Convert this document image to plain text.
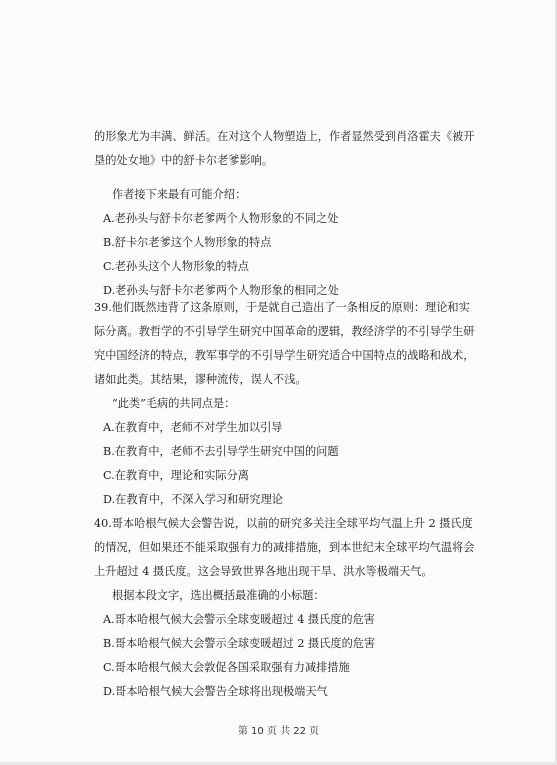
的形象尤为丰满、鲜活。在对这个人物塑造上，作者显然受到肖洛霍夫《被开
垦的处女地》中的舒卡尔老爹影响。
作者接下来最有可能介绍：
A.老孙头与舒卡尔老爹两个人物形象的不同之处
B.舒卡尔老爹这个人物形象的特点
C.老孙头这个人物形象的特点
D.老孙头与舒卡尔老爹两个人物形象的相同之处
39.他们既然违背了这条原则，于是就自己造出了一条相反的原则：理论和实
际分离。教哲学的不引导学生研究中国革命的逻辑，教经济学的不引导学生研
究中国经济的特点，教军事学的不引导学生研究适合中国特点的战略和战术，
诸如此类。其结果，谬种流传，误人不浅。
“此类”毛病的共同点是：
A.在教育中，老师不对学生加以引导
B.在教育中，老师不去引导学生研究中国的问题
C.在教育中，理论和实际分离
D.在教育中，不深入学习和研究理论
40.哥本哈根气候大会警告说，以前的研究多关注全球平均气温上升 2 摄氏度
的情况，但如果还不能采取强有力的减排措施，到本世纪末全球平均气温将会
上升超过 4 摄氏度。这会导致世界各地出现干旱、洪水等极端天气。
根据本段文字，选出概括最准确的小标题：
A.哥本哈根气候大会警示全球变暖超过 4 摄氏度的危害
B.哥本哈根气候大会警示全球变暖超过 2 摄氏度的危害
C.哥本哈根气候大会敦促各国采取强有力减排措施
D.哥本哈根气候大会警告全球将出现极端天气
第 10 页 共 22 页
